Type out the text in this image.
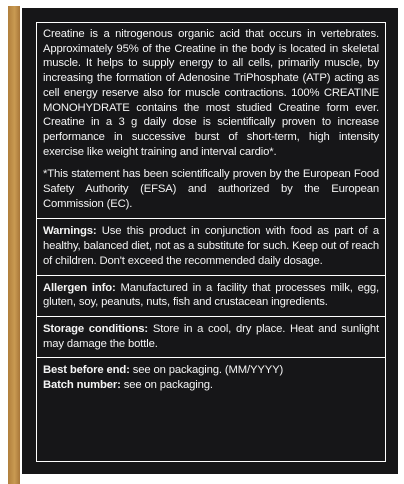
Creatine is a nitrogenous organic acid that occurs in vertebrates. Approximately 95% of the Creatine in the body is located in skeletal muscle. It helps to supply energy to all cells, primarily muscle, by increasing the formation of Adenosine TriPhosphate (ATP) acting as cell energy reserve also for muscle contractions. 100% CREATINE MONOHYDRATE contains the most studied Creatine form ever. Creatine in a 3 g daily dose is scientifically proven to increase performance in successive burst of short-term, high intensity exercise like weight training and interval cardio*.

*This statement has been scientifically proven by the European Food Safety Authority (EFSA) and authorized by the European Commission (EC).

Warnings: Use this product in conjunction with food as part of a healthy, balanced diet, not as a substitute for such. Keep out of reach of children. Don't exceed the recommended daily dosage.

Allergen info: Manufactured in a facility that processes milk, egg, gluten, soy, peanuts, nuts, fish and crustacean ingredients.

Storage conditions: Store in a cool, dry place. Heat and sunlight may damage the bottle.

Best before end: see on packaging. (MM/YYYY)

Batch number: see on packaging.
